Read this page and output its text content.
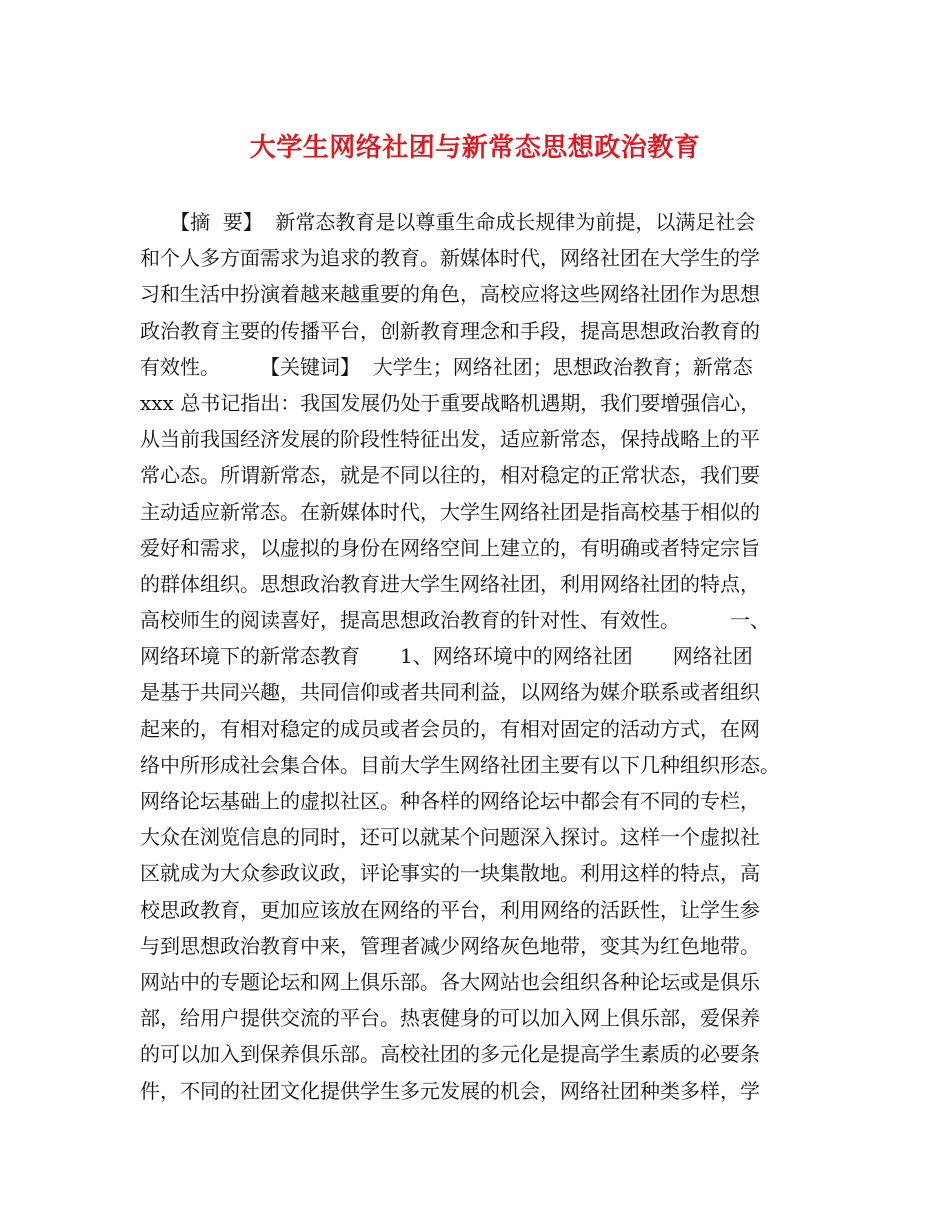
大学生网络社团与新常态思想政治教育
　　【摘  要】  新常态教育是以尊重生命成长规律为前提，以满足社会
和个人多方面需求为追求的教育。新媒体时代，网络社团在大学生的学
习和生活中扮演着越来越重要的角色，高校应将这些网络社团作为思想
政治教育主要的传播平台，创新教育理念和手段，提高思想政治教育的
有效性。　　　【关键词】  大学生；网络社团；思想政治教育；新常态
xxx 总书记指出：我国发展仍处于重要战略机遇期，我们要增强信心，
从当前我国经济发展的阶段性特征出发，适应新常态，保持战略上的平
常心态。所谓新常态，就是不同以往的，相对稳定的正常状态，我们要
主动适应新常态。在新媒体时代，大学生网络社团是指高校基于相似的
爱好和需求，以虚拟的身份在网络空间上建立的，有明确或者特定宗旨
的群体组织。思想政治教育进大学生网络社团，利用网络社团的特点，
高校师生的阅读喜好，提高思想政治教育的针对性、有效性。　　　一、
网络环境下的新常态教育　　1、网络环境中的网络社团　　网络社团
是基于共同兴趣，共同信仰或者共同利益，以网络为媒介联系或者组织
起来的，有相对稳定的成员或者会员的，有相对固定的活动方式，在网
络中所形成社会集合体。目前大学生网络社团主要有以下几种组织形态。
网络论坛基础上的虚拟社区。种各样的网络论坛中都会有不同的专栏，
大众在浏览信息的同时，还可以就某个问题深入探讨。这样一个虚拟社
区就成为大众参政议政，评论事实的一块集散地。利用这样的特点，高
校思政教育，更加应该放在网络的平台，利用网络的活跃性，让学生参
与到思想政治教育中来，管理者减少网络灰色地带，变其为红色地带。
网站中的专题论坛和网上俱乐部。各大网站也会组织各种论坛或是俱乐
部，给用户提供交流的平台。热衷健身的可以加入网上俱乐部，爱保养
的可以加入到保养俱乐部。高校社团的多元化是提高学生素质的必要条
件，不同的社团文化提供学生多元发展的机会，网络社团种类多样，学
